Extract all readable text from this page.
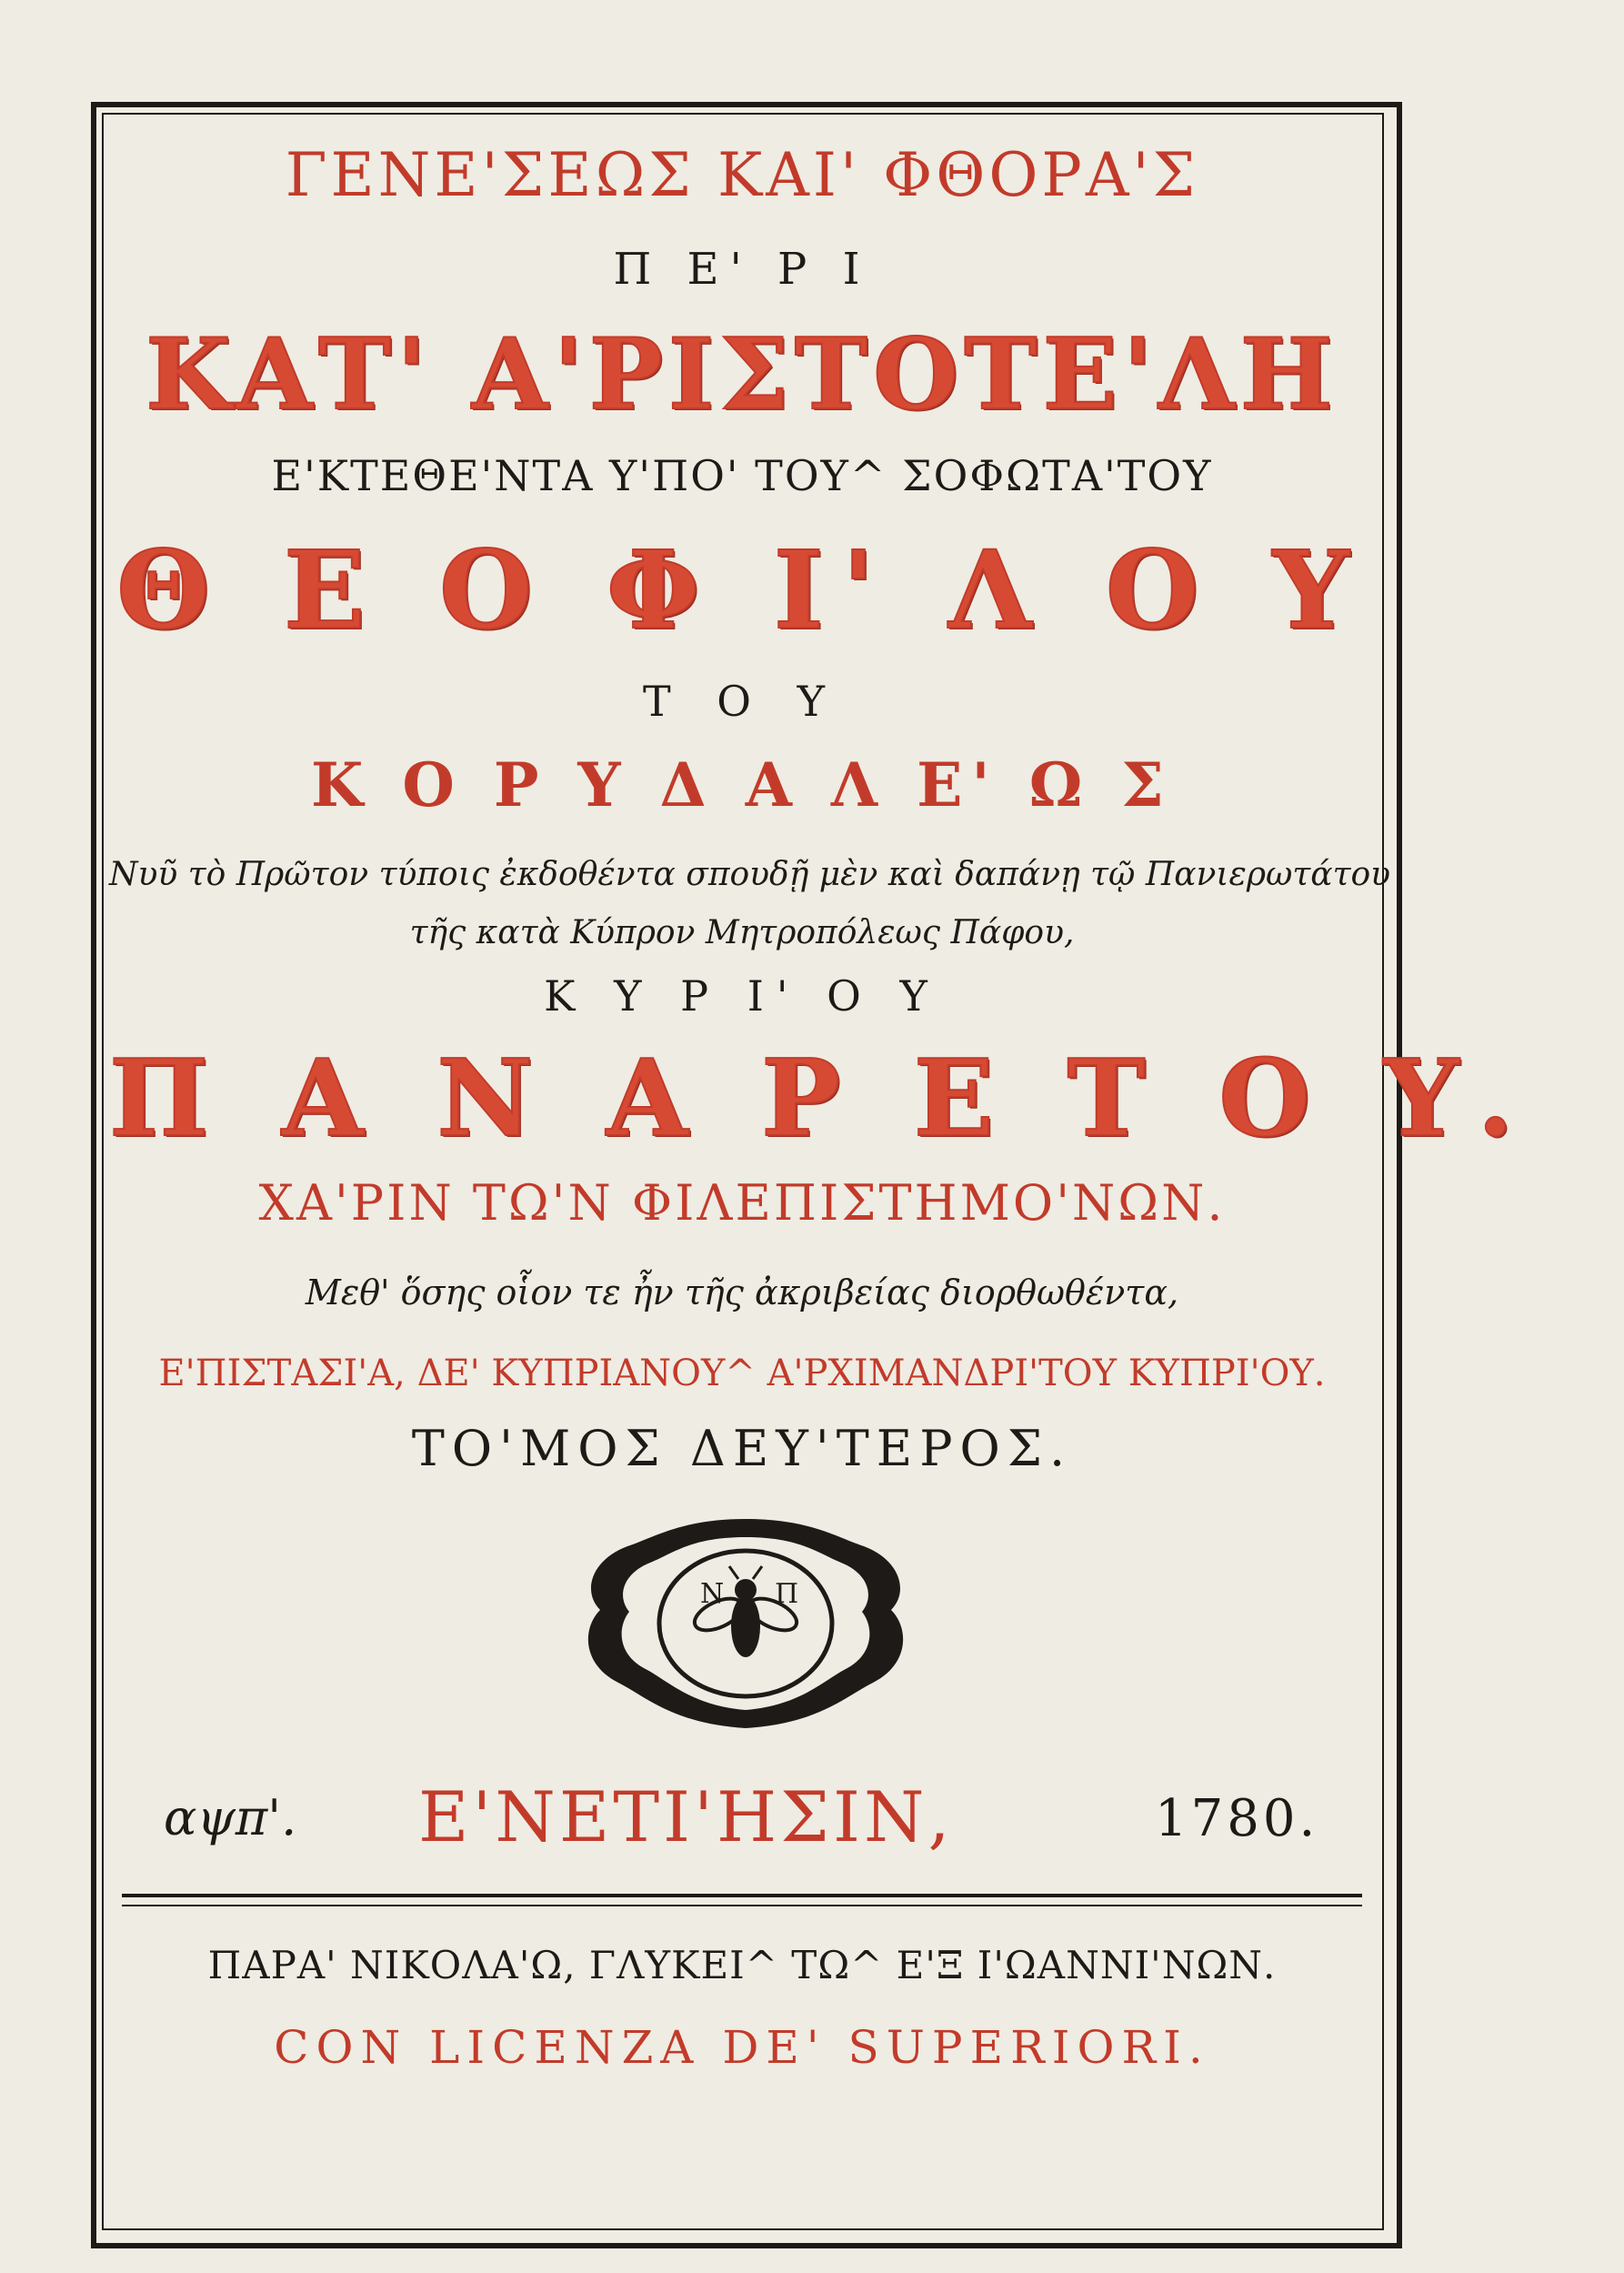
ΓΕΝΕ'ΣΕΩΣ ΚΑΙ' ΦΘΟΡΑ'Σ
Π Ε' Ρ Ι
ΚΑΤ' Α'ΡΙΣΤΟΤΕ'ΛΗ
Ε'ΚΤΕΘΕ'ΝΤΑ Υ'ΠΟ' ΤΟΥ^ ΣΟΦΩΤΑ'ΤΟΥ
Θ Ε Ο Φ Ι' Λ Ο Υ
Τ Ο Υ
Κ Ο Ρ Υ Δ Α Λ Ε' Ω Σ
Νυῦ τὸ Πρῶτον τύποις ἐκδοθέντα σπουδῇ μὲν καὶ δαπάνῃ τῷ Πανιερωτάτου
τῆς κατὰ Κύπρον Μητροπόλεως Πάφου,
Κ Υ Ρ Ι' Ο Υ
Π Α Ν Α Ρ Ε Τ Ο Υ.
ΧΑ'ΡΙΝ ΤΩ'Ν ΦΙΛΕΠΙΣΤΗΜΟ'ΝΩΝ.
Μεθ' ὅσης οἷον τε ἦν τῆς ἀκριβείας διορθωθέντα,
Ε'ΠΙΣΤΑΣΙ'Α, ΔΕ' ΚΥΠΡΙΑΝΟΥ^ Α'ΡΧΙΜΑΝΔΡΙ'ΤΟΥ ΚΥΠΡΙ'ΟΥ.
ΤΟ'ΜΟΣ ΔΕΥ'ΤΕΡΟΣ.
Ν Π
αψπ'. Ε'ΝΕΤΙ'ΗΣΙΝ,	1780.
ΠΑΡΑ' ΝΙΚΟΛΑ'Ω, ΓΛΥΚΕΙ^ ΤΩ^ Ε'Ξ Ι'ΩΑΝΝΙ'ΝΩΝ.
CON LICENZA DE' SUPERIORI.
